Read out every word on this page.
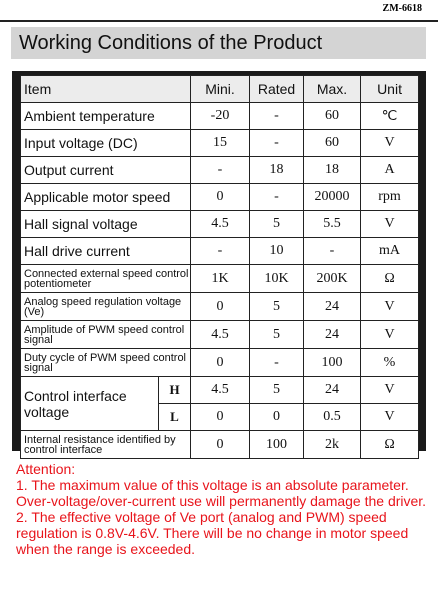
ZM-6618
Working Conditions of the Product
Item		Mini.	Rated	Max.	Unit
Ambient temperature		-20	-	60	℃
Input voltage (DC)		15	-	60	V
Output current		-	18	18	A
Applicable motor speed		0	-	20000	rpm
Hall signal voltage		4.5	5	5.5	V
Hall drive current		-	10	-	mA
Connected external speed control potentiometer		1K	10K	200K	Ω
Analog speed regulation voltage (Ve)		0	5	24	V
Amplitude of PWM speed control signal		4.5	5	24	V
Duty cycle of PWM speed control signal		0	-	100	%
Control interface voltage	H	4.5	5	24	V
	L	0	0	0.5	V
Internal resistance identified by control interface		0	100	2k	Ω
Attention:
1. The maximum value of this voltage is an absolute parameter. Over-voltage/over-current use will permanently damage the driver.
2. The effective voltage of Ve port (analog and PWM) speed regulation is 0.8V-4.6V. There will be no change in motor speed when the range is exceeded.
